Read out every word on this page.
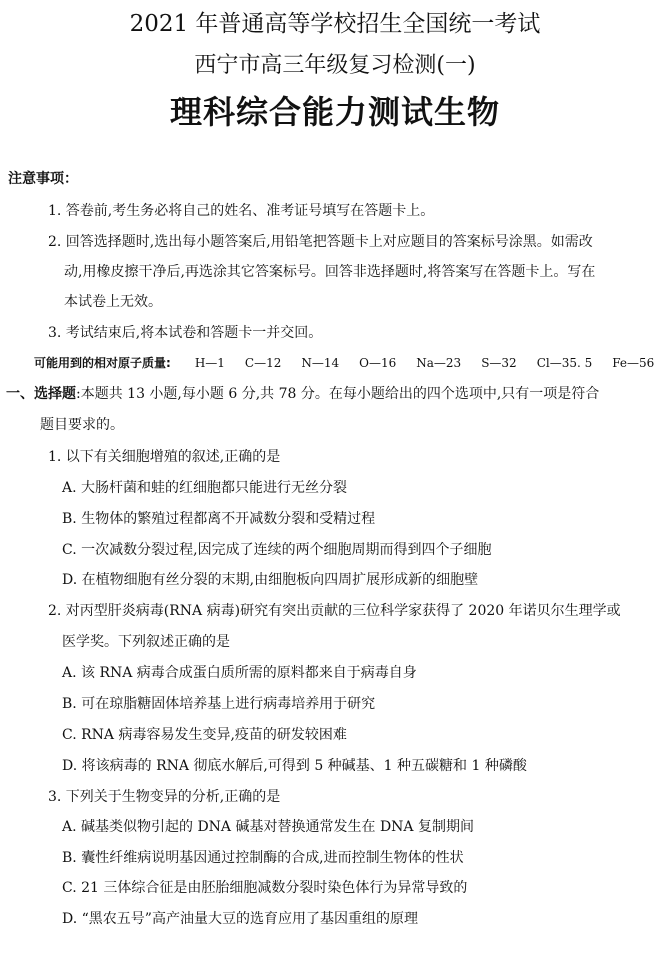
2021 年普通高等学校招生全国统一考试
西宁市高三年级复习检测(一)
理科综合能力测试生物
注意事项：
1. 答卷前,考生务必将自己的姓名、准考证号填写在答题卡上。
2. 回答选择题时,选出每小题答案后,用铅笔把答题卡上对应题目的答案标号涂黑。如需改
动,用橡皮擦干净后,再选涂其它答案标号。回答非选择题时,将答案写在答题卡上。写在
本试卷上无效。
3. 考试结束后,将本试卷和答题卡一并交回。
可能用到的相对原子质量: H—1 C—12 N—14 O—16 Na—23 S—32 Cl—35. 5 Fe—56
一、选择题:本题共 13 小题,每小题 6 分,共 78 分。在每小题给出的四个选项中,只有一项是符合
题目要求的。
1. 以下有关细胞增殖的叙述,正确的是
A. 大肠杆菌和蛙的红细胞都只能进行无丝分裂
B. 生物体的繁殖过程都离不开减数分裂和受精过程
C. 一次减数分裂过程,因完成了连续的两个细胞周期而得到四个子细胞
D. 在植物细胞有丝分裂的末期,由细胞板向四周扩展形成新的细胞壁
2. 对丙型肝炎病毒(RNA 病毒)研究有突出贡献的三位科学家获得了 2020 年诺贝尔生理学或
医学奖。下列叙述正确的是
A. 该 RNA 病毒合成蛋白质所需的原料都来自于病毒自身
B. 可在琼脂糖固体培养基上进行病毒培养用于研究
C. RNA 病毒容易发生变异,疫苗的研发较困难
D. 将该病毒的 RNA 彻底水解后,可得到 5 种碱基、1 种五碳糖和 1 种磷酸
3. 下列关于生物变异的分析,正确的是
A. 碱基类似物引起的 DNA 碱基对替换通常发生在 DNA 复制期间
B. 囊性纤维病说明基因通过控制酶的合成,进而控制生物体的性状
C. 21 三体综合征是由胚胎细胞减数分裂时染色体行为异常导致的
D. “黑农五号”高产油量大豆的选育应用了基因重组的原理
